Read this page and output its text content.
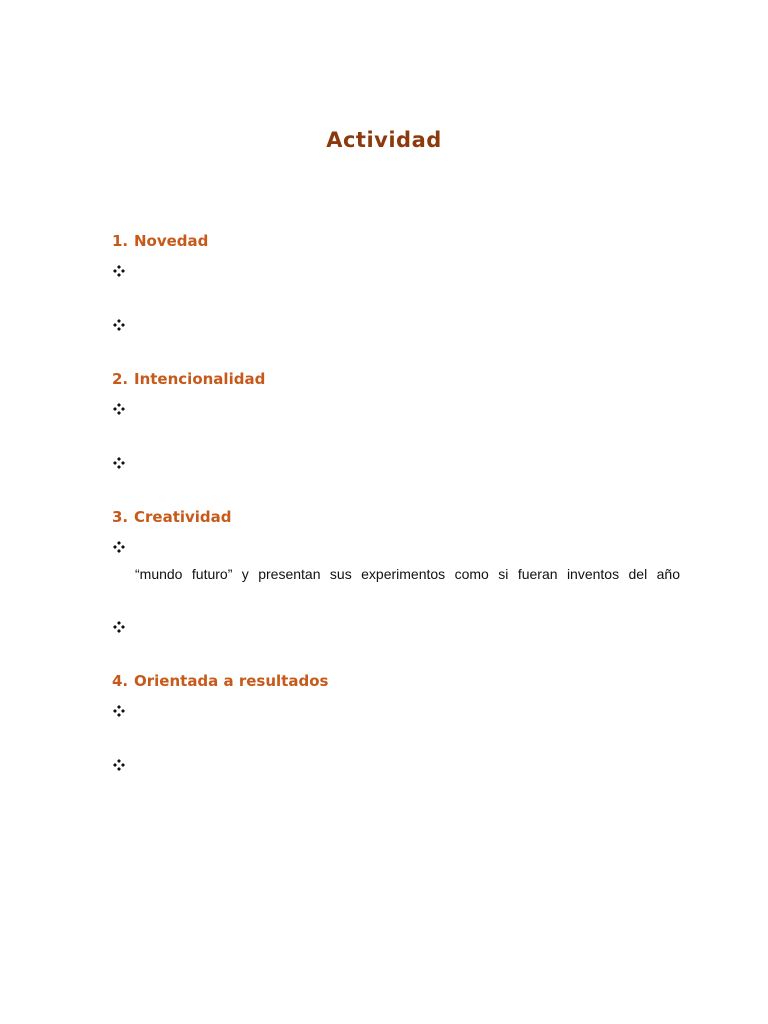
Actividad
1. Novedad
2. Intencionalidad
3. Creatividad
“mundo futuro” y presentan sus experimentos como si fueran inventos del año
4. Orientada a resultados
